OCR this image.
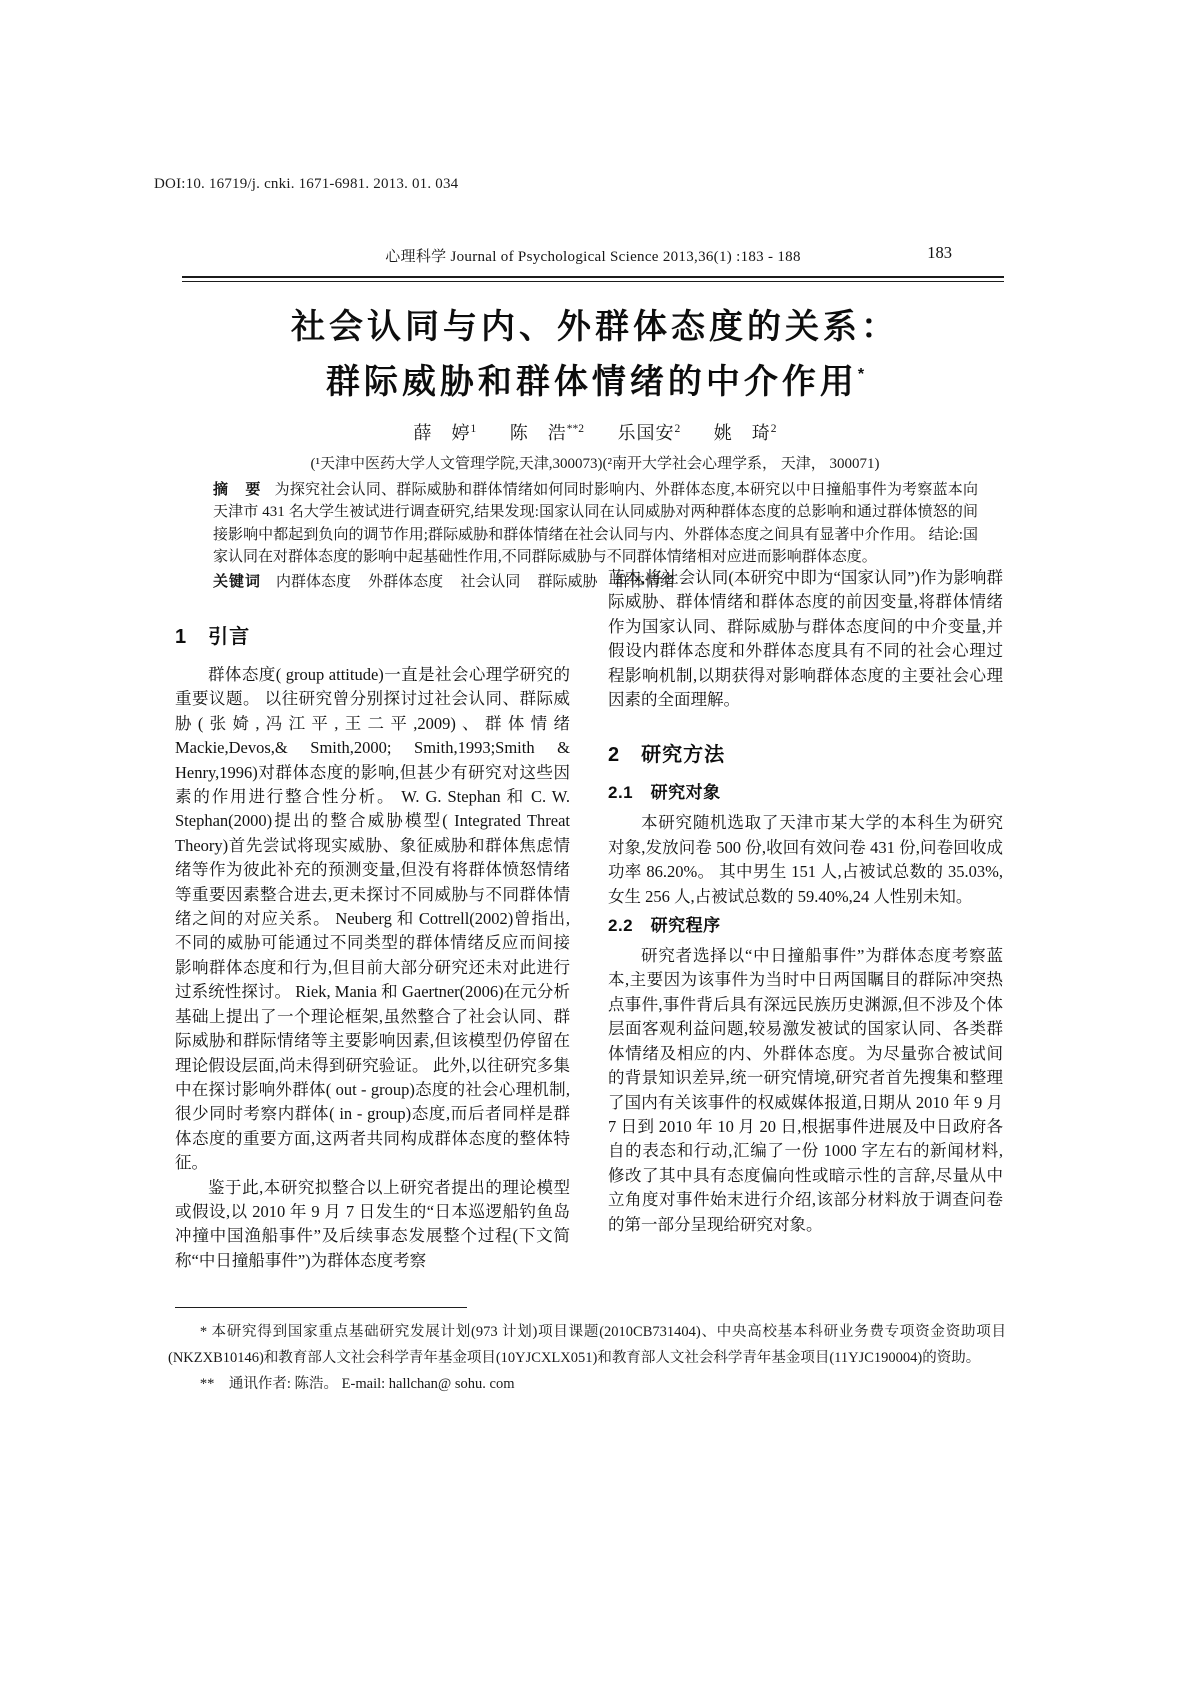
DOI:10. 16719/j. cnki. 1671-6981. 2013. 01. 034
心理科学 Journal of Psychological Science 2013,36(1) :183 - 188	183
社会认同与内、外群体态度的关系：
群际威胁和群体情绪的中介作用*
薛　婷$^1$ 陈　浩$^{**2}$ 乐国安$^2$ 姚　琦$^2$
(¹天津中医药大学人文管理学院,天津,300073)(²南开大学社会心理学系， 天津， 300071)

摘　要 为探究社会认同、群际威胁和群体情绪如何同时影响内、外群体态度,本研究以中日撞船事件为考察蓝本向天津市 431 名大学生被试进行调查研究,结果发现:国家认同在认同威胁对两种群体态度的总影响和通过群体愤怒的间接影响中都起到负向的调节作用;群际威胁和群体情绪在社会认同与内、外群体态度之间具有显著中介作用。 结论:国家认同在对群体态度的影响中起基础性作用,不同群际威胁与不同群体情绪相对应进而影响群体态度。

关键词 内群体态度 外群体态度 社会认同 群际威胁 群体情绪

1　引言

群体态度( group attitude)一直是社会心理学研究的重要议题。 以往研究曾分别探讨过社会认同、群际威胁(张婍,冯江平,王二平,2009)、群体情绪 Mackie,Devos,& Smith,2000; Smith,1993;Smith & Henry,1996)对群体态度的影响,但甚少有研究对这些因素的作用进行整合性分析。 W. G. Stephan 和 C. W. Stephan(2000)提出的整合威胁模型( Integrated Threat Theory)首先尝试将现实威胁、象征威胁和群体焦虑情绪等作为彼此补充的预测变量,但没有将群体愤怒情绪等重要因素整合进去,更未探讨不同威胁与不同群体情绪之间的对应关系。 Neuberg 和 Cottrell(2002)曾指出,不同的威胁可能通过不同类型的群体情绪反应而间接影响群体态度和行为,但目前大部分研究还未对此进行过系统性探讨。 Riek, Mania 和 Gaertner(2006)在元分析基础上提出了一个理论框架,虽然整合了社会认同、群际威胁和群际情绪等主要影响因素,但该模型仍停留在理论假设层面,尚未得到研究验证。 此外,以往研究多集中在探讨影响外群体( out - group)态度的社会心理机制,很少同时考察内群体( in - group)态度,而后者同样是群体态度的重要方面,这两者共同构成群体态度的整体特征。

鉴于此,本研究拟整合以上研究者提出的理论模型或假设,以 2010 年 9 月 7 日发生的“日本巡逻船钓鱼岛冲撞中国渔船事件”及后续事态发展整个过程(下文简称“中日撞船事件”)为群体态度考察

蓝本,将社会认同(本研究中即为“国家认同”)作为影响群际威胁、群体情绪和群体态度的前因变量,将群体情绪作为国家认同、群际威胁与群体态度间的中介变量,并假设内群体态度和外群体态度具有不同的社会心理过程影响机制,以期获得对影响群体态度的主要社会心理因素的全面理解。

2　研究方法
2.1　研究对象

本研究随机选取了天津市某大学的本科生为研究对象,发放问卷 500 份,收回有效问卷 431 份,问卷回收成功率 86.20%。 其中男生 151 人,占被试总数的 35.03%,女生 256 人,占被试总数的 59.40%,24 人性别未知。

2.2　研究程序

研究者选择以“中日撞船事件”为群体态度考察蓝本,主要因为该事件为当时中日两国瞩目的群际冲突热点事件,事件背后具有深远民族历史渊源,但不涉及个体层面客观利益问题,较易激发被试的国家认同、各类群体情绪及相应的内、外群体态度。为尽量弥合被试间的背景知识差异,统一研究情境,研究者首先搜集和整理了国内有关该事件的权威媒体报道,日期从 2010 年 9 月 7 日到 2010 年 10 月 20 日,根据事件进展及中日政府各自的表态和行动,汇编了一份 1000 字左右的新闻材料,修改了其中具有态度偏向性或暗示性的言辞,尽量从中立角度对事件始末进行介绍,该部分材料放于调查问卷的第一部分呈现给研究对象。

* 本研究得到国家重点基础研究发展计划(973 计划)项目课题(2010CB731404)、中央高校基本科研业务费专项资金资助项目(NKZXB10146)和教育部人文社会科学青年基金项目(10YJCXLX051)和教育部人文社会科学青年基金项目(11YJC190004)的资助。

**　通讯作者: 陈浩。 E-mail: hallchan@ sohu. com
